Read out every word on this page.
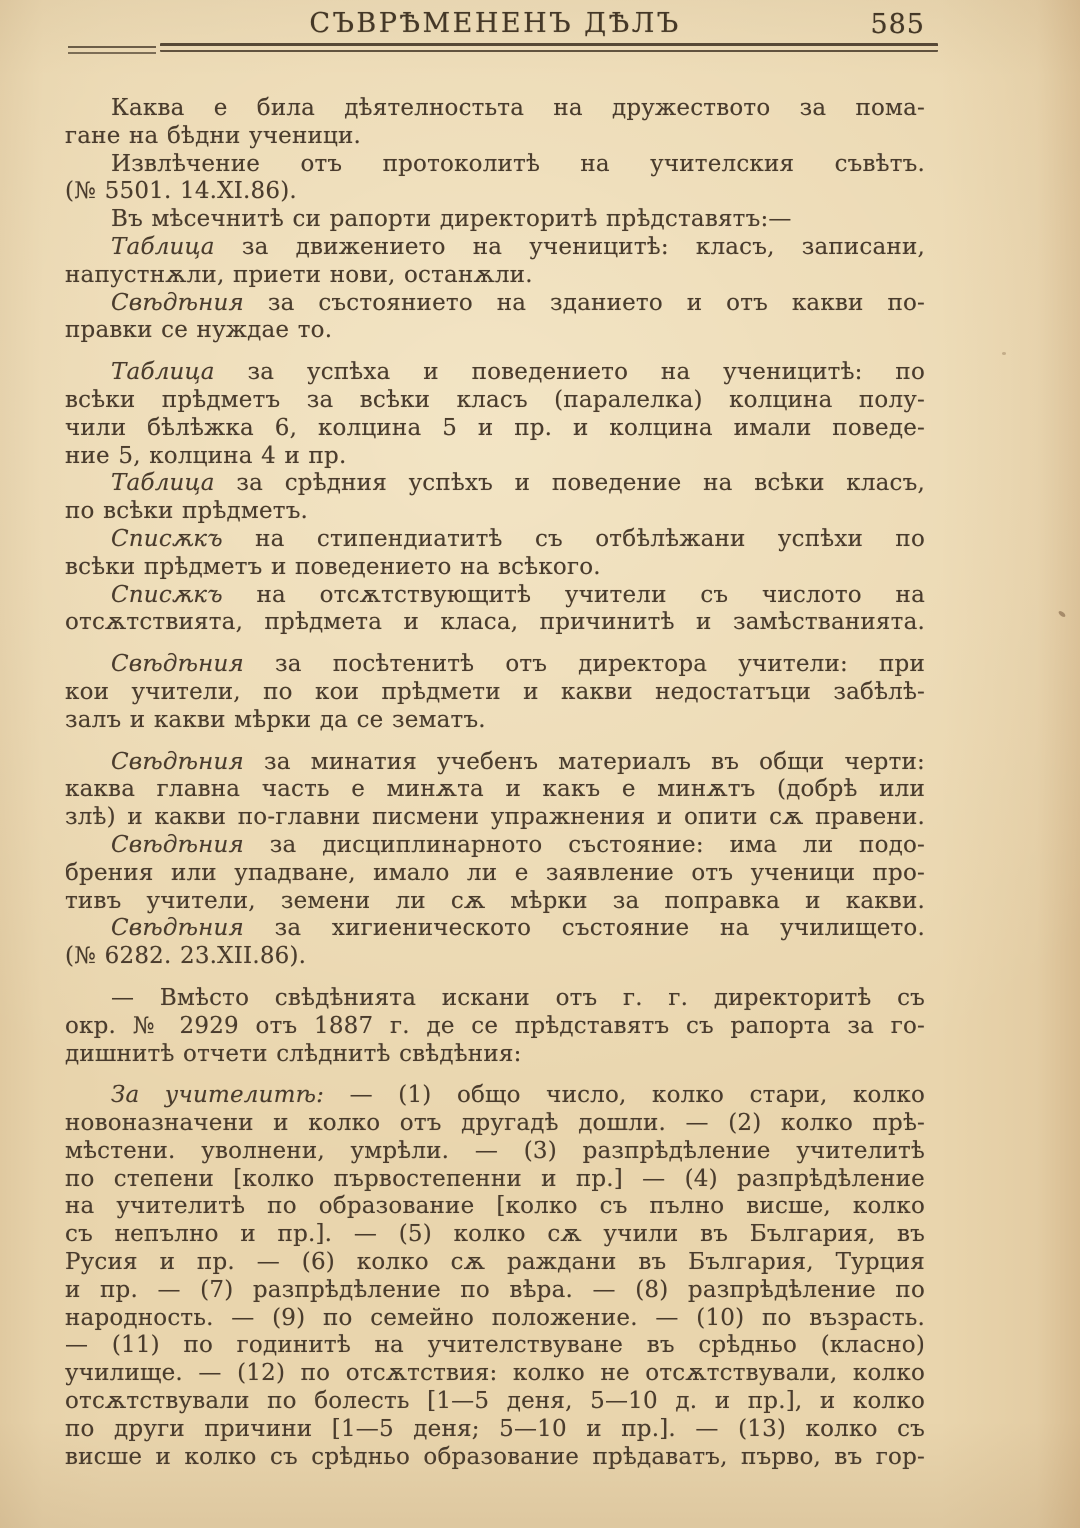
СЪВРѢМЕНЕНЪ ДѢЛЪ	585
Каква е била дѣятелностьта на дружеството за пома-
гане на бѣдни ученици.
Извлѣчение отъ протоколитѣ на учителския съвѣтъ.
(№ 5501. 14.XI.86).
Въ мѣсечнитѣ си рапорти директоритѣ прѣдставятъ:—
Таблица за движението на ученицитѣ: класъ, записани,
напустнѫли, приети нови, останѫли.
Свѣдѣния за състоянието на зданието и отъ какви по-
правки се нуждае то.
Таблица за успѣха и поведението на ученицитѣ: по
всѣки прѣдметъ за всѣки класъ (паралелка) колцина полу-
чили бѣлѣжка 6, колцина 5 и пр. и колцина имали поведе-
ние 5, колцина 4 и пр.
Таблица за срѣдния успѣхъ и поведение на всѣки класъ,
по всѣки прѣдметъ.
Списѫкъ на стипендиатитѣ съ отбѣлѣжани успѣхи по
всѣки прѣдметъ и поведението на всѣкого.
Списѫкъ на отсѫтствующитѣ учители съ числото на
отсѫтствията, прѣдмета и класа, причинитѣ и замѣстванията.
Свѣдѣния за посѣтенитѣ отъ директора учители: при
кои учители, по кои прѣдмети и какви недостатъци забѣлѣ-
залъ и какви мѣрки да се зематъ.
Свѣдѣния за минатия учебенъ материалъ въ общи черти:
каква главна часть е минѫта и какъ е минѫтъ (добрѣ или
злѣ) и какви по-главни писмени упражнения и опити сѫ правени.
Свѣдѣния за дисциплинарното състояние: има ли подо-
брения или упадване, имало ли е заявление отъ ученици про-
тивъ учители, земени ли сѫ мѣрки за поправка и какви.
Свѣдѣния за хигиеническото състояние на училището.
(№ 6282. 23.XII.86).
— Вмѣсто свѣдѣнията искани отъ г. г. директоритѣ съ
окр. № 2929 отъ 1887 г. де се прѣдставятъ съ рапорта за го-
дишнитѣ отчети слѣднитѣ свѣдѣния:
За учителитѣ: — (1) общо число, колко стари, колко
новоназначени и колко отъ другадѣ дошли. — (2) колко прѣ-
мѣстени. уволнени, умрѣли. — (3) разпрѣдѣление учителитѣ
по степени [колко първостепенни и пр.] — (4) разпрѣдѣление
на учителитѣ по образование [колко съ пълно висше, колко
съ непълно и пр.]. — (5) колко сѫ учили въ България, въ
Русия и пр. — (6) колко сѫ раждани въ България, Турция
и пр. — (7) разпрѣдѣление по вѣра. — (8) разпрѣдѣление по
народность. — (9) по семейно положение. — (10) по възрасть.
— (11) по годинитѣ на учителствуване въ срѣдньо (класно)
училище. — (12) по отсѫтствия: колко не отсѫтствували, колко
отсѫтствували по болесть [1—5 деня, 5—10 д. и пр.], и колко
по други причини [1—5 деня; 5—10 и пр.]. — (13) колко съ
висше и колко съ срѣдньо образование прѣдаватъ, първо, въ гор-
